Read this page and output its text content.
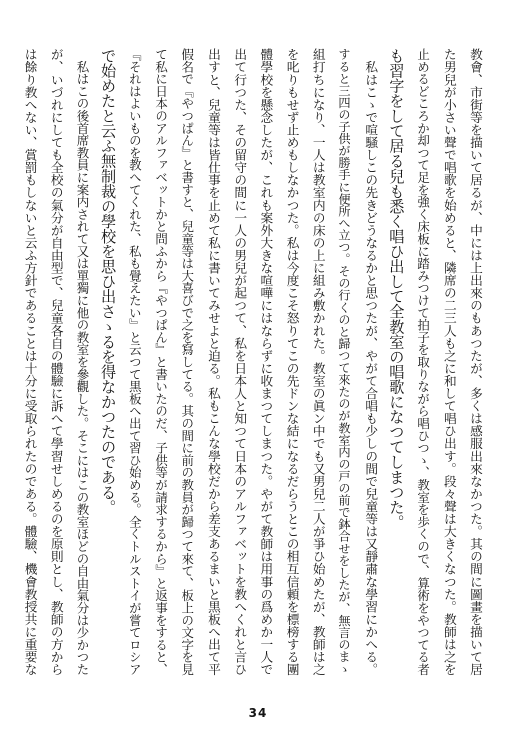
教會、市街等を描いて居るが、中には上出來のもあつたが、多くは感服出來なかつた。其の間に圖畫を描いて居
た男兒が小さい聲で唱歌を始めると、隣席の二三人も之に和して唱ひ出す。段々聲は大きくなつた。教師は之を
止めるどころか却つて足を強く床板に踏みつけて拍子を取りながら唱ひつゝ、教室を歩くので、算術をやつてる者
も習字をして居る兒も悉く唱ひ出して全教室の唱歌になつてしまつた。
　私はこゝで喧騒しこの先きどうなるかと思つたが、やがて合唱も少しの間で兒童等は又靜肅な學習にかへる。
すると三四の子供が勝手に便所へ立つ。その行くのと歸つて來たのが教室内の戸の前で鉢合せをしたが、無言のまゝ
組打ちになり、一人は教室内の床の上に組み敷かれた。教室の眞ン中でも又男兒二人が爭ひ始めたが、教師は之
を叱りもせず止めもしなかつた。私は今度こそ怒りてこの先ドンな結になるだらうとこの相互信頼を標榜する團
體學校を懸念したが、これも案外大きな喧嘩にはならずに收まつてしまつた。やがて教師は用事の爲めか一人で
出て行つた、その留守の間に一人の男兒が起つて、私を日本人と知つて日本のアルファベットを教へくれと言ひ
出すと、兒童等は皆仕事を止めて私に書いてみせよと迫る。私もこんな學校だから差支あるまいと黒板へ出て平
假名で『やつぱん』と書すと、兒童等は大喜びで之を寫してる。其の間に前の教員が歸つて來て、板上の文字を見
て私に日本のアルファベットかと問ふから『やつぱん』と書いたのだ、子供等が請求するから』と返事をすると、
『それはよいものを教へてくれた、私も覺えたい』と云つて黒板へ出て習ひ始める。全くトルストイが嘗てロシア
で始めたと云ふ無制裁の學校を思ひ出さゝるを得なかつたのである。
　私はこの後首席教員に案内されて又は單獨に他の教室を參觀した。そこにはこの教室ほどの自由氣分は少かつた
が、いづれにしても全校の氣分が自由型で、兒童各自の體驗に訴へて學習せしめるのを原則とし、教師の方から
は餘り教へない、賞罰もしないと云ふ方針であることは十分に受取られたのである。體驗、機會教授共に重要な
34
